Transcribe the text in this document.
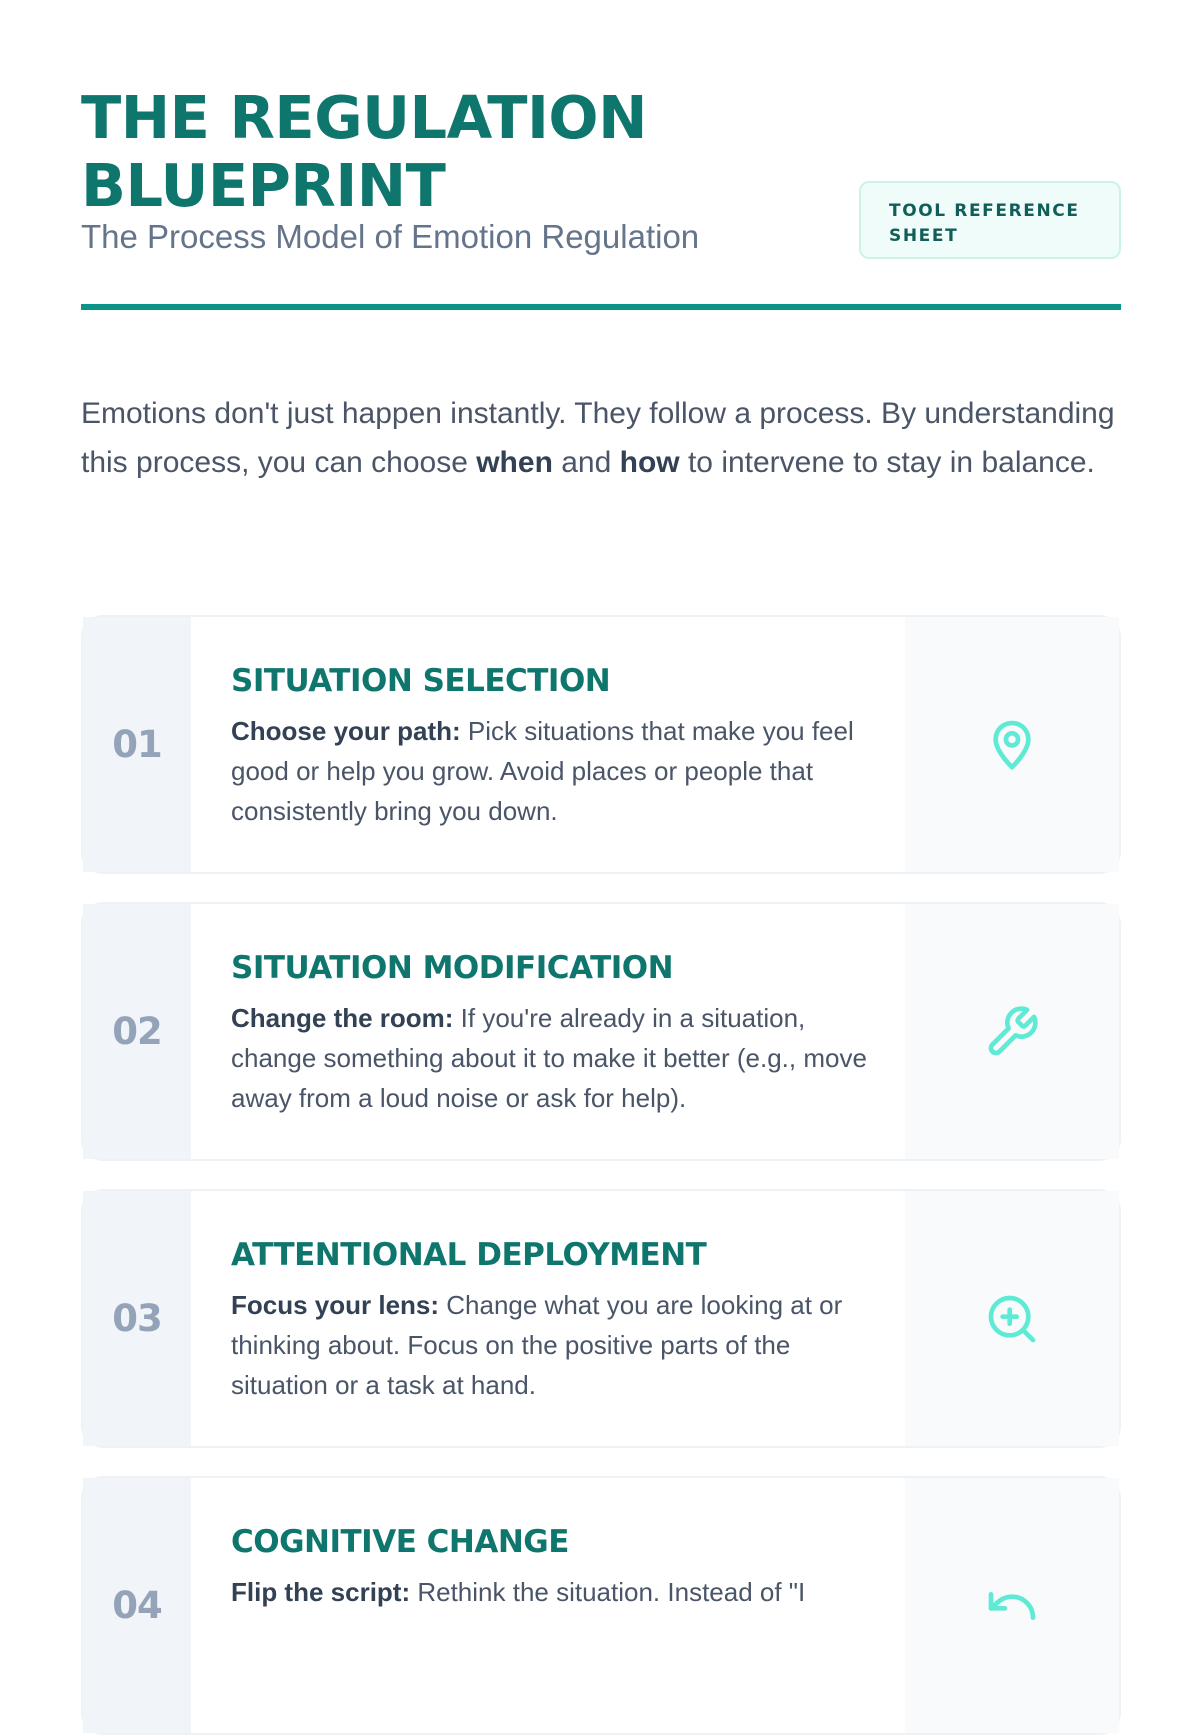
THE REGULATION
BLUEPRINT

The Process Model of Emotion Regulation

TOOL REFERENCE
SHEET

Emotions don't just happen instantly. They follow a process. By understanding this process, you can choose when and how to intervene to stay in balance.

01
SITUATION SELECTION

Choose your path: Pick situations that make you feel good or help you grow. Avoid places or people that consistently bring you down.

02
SITUATION MODIFICATION

Change the room: If you're already in a situation, change something about it to make it better (e.g., move away from a loud noise or ask for help).

03
ATTENTIONAL DEPLOYMENT

Focus your lens: Change what you are looking at or thinking about. Focus on the positive parts of the situation or a task at hand.

04
COGNITIVE CHANGE

Flip the script: Rethink the situation. Instead of "I
